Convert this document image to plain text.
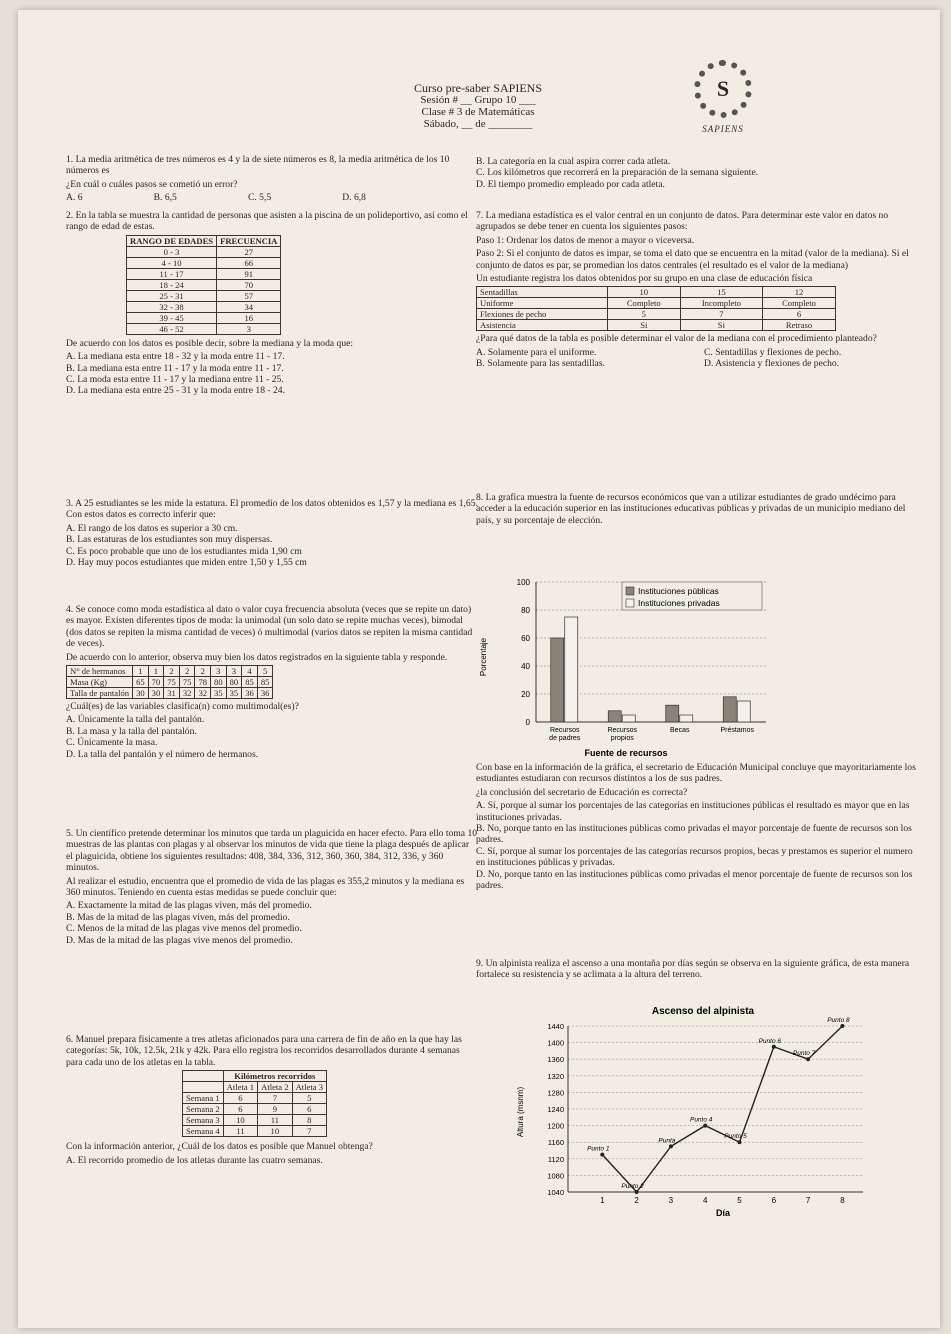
Curso pre-saber SAPIENS
Sesión # __ Grupo 10 ___
Clase # 3 de Matemáticas
Sábado, __ de ________
S
SAPIENS

1. La media aritmética de tres números es 4 y la de siete números es 8, la media aritmética de los 10 números es

¿En cuál o cuáles pasos se cometió un error?

A. 6	B. 6,5	C. 5,5	D. 6,8

2. En la tabla se muestra la cantidad de personas que asisten a la piscina de un polideportivo, así como el rango de edad de estas.

RANGO DE EDADES	FRECUENCIA
0 - 3	27
4 - 10	66
11 - 17	91
18 - 24	70
25 - 31	57
32 - 38	34
39 - 45	16
46 - 52	3

De acuerdo con los datos es posible decir, sobre la mediana y la moda que:

A. La mediana esta entre 18 - 32 y la moda entre 11 - 17.

B. La mediana esta entre 11 - 17 y la moda entre 11 - 17.

C. La moda esta entre 11 - 17 y la mediana entre 11 - 25.

D. La mediana esta entre 25 - 31 y la moda entre 18 - 24.

3. A 25 estudiantes se les mide la estatura. El promedio de los datos obtenidos es 1,57 y la mediana es 1,65. Con estos datos es correcto inferir que:

A. El rango de los datos es superior a 30 cm.

B. Las estaturas de los estudiantes son muy dispersas.

C. Es poco probable que uno de los estudiantes mida 1,90 cm

D. Hay muy pocos estudiantes que miden entre 1,50 y 1,55 cm

4. Se conoce como moda estadística al dato o valor cuya frecuencia absoluta (veces que se repite un dato) es mayor. Existen diferentes tipos de moda: la unimodal (un solo dato se repite muchas veces), bimodal (dos datos se repiten la misma cantidad de veces) ó multimodal (varios datos se repiten la misma cantidad de veces).

De acuerdo con lo anterior, observa muy bien los datos registrados en la siguiente tabla y responde.

N° de hermanos	1	1	2	2	2	3	3	4	5
Masa (Kg)	65	70	75	75	78	80	80	85	85
Talla de pantalón	30	30	31	32	32	35	35	36	36

¿Cuál(es) de las variables clasifica(n) como multimodal(es)?

A. Únicamente la talla del pantalón.

B. La masa y la talla del pantalón.

C. Únicamente la masa.

D. La talla del pantalón y el número de hermanos.

5. Un científico pretende determinar los minutos que tarda un plaguicida en hacer efecto. Para ello toma 10 muestras de las plantas con plagas y al observar los minutos de vida que tiene la plaga después de aplicar el plaguicida, obtiene los siguientes resultados: 408, 384, 336, 312, 360, 360, 384, 312, 336, y 360 minutos.

Al realizar el estudio, encuentra que el promedio de vida de las plagas es 355,2 minutos y la mediana es 360 minutos. Teniendo en cuenta estas medidas se puede concluir que:

A. Exactamente la mitad de las plagas viven, más del promedio.

B. Mas de la mitad de las plagas viven, más del promedio.

C. Menos de la mitad de las plagas vive menos del promedio.

D. Mas de la mitad de las plagas vive menos del promedio.

6. Manuel prepara físicamente a tres atletas aficionados para una carrera de fin de año en la que hay las categorías: 5k, 10k, 12.5k, 21k y 42k. Para ello registra los recorridos desarrollados durante 4 semanas para cada uno de los atletas en la tabla.

	Kilómetros recorridos		
	Atleta 1	Atleta 2	Atleta 3
Semana 1	6	7	5
Semana 2	6	9	6
Semana 3	10	11	8
Semana 4	11	10	7

Con la información anterior, ¿Cuál de los datos es posible que Manuel obtenga?

A. El recorrido promedio de los atletas durante las cuatro semanas.

B. La categoría en la cual aspira correr cada atleta.

C. Los kilómetros que recorrerá en la preparación de la semana siguiente.

D. El tiempo promedio empleado por cada atleta.

7. La mediana estadística es el valor central en un conjunto de datos. Para determinar este valor en datos no agrupados se debe tener en cuenta los siguientes pasos:

Paso 1: Ordenar los datos de menor a mayor o viceversa.

Paso 2: Si el conjunto de datos es impar, se toma el dato que se encuentra en la mitad (valor de la mediana). Si el conjunto de datos es par, se promedian los datos centrales (el resultado es el valor de la mediana)

Un estudiante registra los datos obtenidos por su grupo en una clase de educación física

Sentadillas	10	15	12
Uniforme	Completo	Incompleto	Completo
Flexiones de pecho	5	7	6
Asistencia	Si	Si	Retraso

¿Para qué datos de la tabla es posible determinar el valor de la mediana con el procedimiento planteado?

A. Solamente para el uniforme.	C. Sentadillas y flexiones de pecho.
B. Solamente para las sentadillas.	D. Asistencia y flexiones de pecho.

8. La grafica muestra la fuente de recursos económicos que van a utilizar estudiantes de grado undécimo para acceder a la educación superior en las instituciones educativas públicas y privadas de un municipio mediano del país, y su porcentaje de elección.

0
20
40
60
80
100
Recursos
de padres
Recursos
propios
Becas	Préstamos
Instituciones públicas
Instituciones privadas
Fuente de recursos
Porcentaje

Con base en la información de la gráfica, el secretario de Educación Municipal concluye que mayoritariamente los estudiantes estudiaran con recursos distintos a los de sus padres.

¿la conclusión del secretario de Educación es correcta?

A. Sí, porque al sumar los porcentajes de las categorías en instituciones públicas el resultado es mayor que en las instituciones privadas.

B. No, porque tanto en las instituciones públicas como privadas el mayor porcentaje de fuente de recursos son los padres.

C. Sí, porque al sumar los porcentajes de las categorías recursos propios, becas y prestamos es superior el numero en instituciones públicas y privadas.

D. No, porque tanto en las instituciones públicas como privadas el menor porcentaje de fuente de recursos son los padres.

9. Un alpinista realiza el ascenso a una montaña por días según se observa en la siguiente gráfica, de esta manera fortalece su resistencia y se aclimata a la altura del terreno.

Ascenso del alpinista
Altura (msnm)
Día
1040
1080
1120
1160
1200
1240
1280
1320
1360
1400
1440
1	2	3	4	5	6	7	8
Punto 1
Punto 2
Punta
Punto 4
Punto 5
Punto 6
Punto 7
Punto 8
